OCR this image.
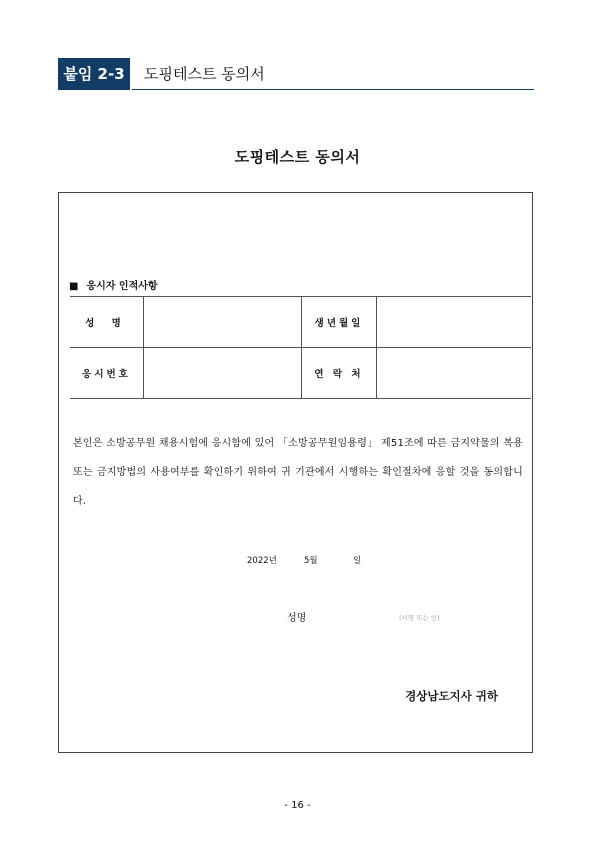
붙임 2-3	도핑테스트 동의서
도핑테스트 동의서
■ 응시자 인적사항
성 명		생년월일	
응시번호		연 락 처	
본인은 소방공무원 채용시험에 응시함에 있어 「소방공무원임용령」 제51조에 따른 금지약물의 복용 또는 금지방법의 사용여부를 확인하기 위하여 귀 기관에서 시행하는 확인절차에 응할 것을 동의합니다.
2022년	5월	일
성명	(서명 또는 인)
경상남도지사 귀하
- 16 -
